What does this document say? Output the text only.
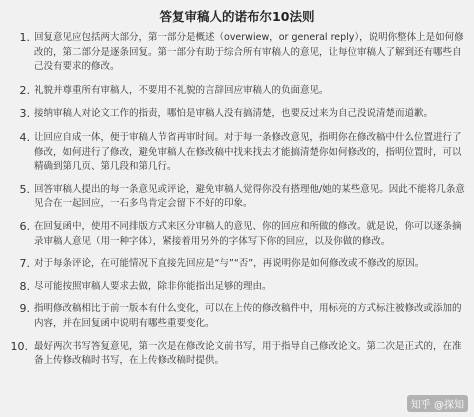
答复审稿人的诺布尔10法则
1. 回复意见应包括两大部分，第一部分是概述（overwiew，or general reply），说明你整体上是如何修改的，第二部分是逐条回复。第一部分有助于综合所有审稿人的意见，让每位审稿人了解到还有哪些自己没有要求的修改。
2. 礼貌并尊重所有审稿人，不要用不礼貌的言辞回应审稿人的负面意见。
3. 接纳审稿人对论文工作的指责，哪怕是审稿人没有搞清楚，也要反过来为自己没说清楚而道歉。
4. 让回应自成一体，便于审稿人节省再审时间。对于每一条修改意见，指明你在修改稿中什么位置进行了修改，如何进行了修改，避免审稿人在修改稿中找来找去才能搞清楚你如何修改的，指明位置时，可以精确到第几页、第几段和第几行。
5. 回答审稿人提出的每一条意见或评论，避免审稿人觉得你没有搭理他/她的某些意见。因此不能将几条意见合在一起回应，一石多鸟肯定会留下不好的印象。
6. 在回复函中，使用不同排版方式来区分审稿人的意见、你的回应和所做的修改。就是说，你可以逐条摘录审稿人意见（用一种字体），紧接着用另外的字体写下你的回应，以及你做的修改。
7. 对于每条评论，在可能情况下直接先回应是“与”“否”，再说明你是如何修改或不修改的原因。
8. 尽可能按照审稿人要求去做，除非你能指出足够的理由。
9. 指明修改稿相比于前一版本有什么变化，可以在上传的修改稿件中，用标亮的方式标注被修改或添加的内容，并在回复函中说明有哪些重要变化。
10. 最好两次书写答复意见，第一次是在修改论文前书写，用于指导自己修改论文。第二次是正式的，在准备上传修改稿时书写，在上传修改稿时提供。
知乎 @探知
